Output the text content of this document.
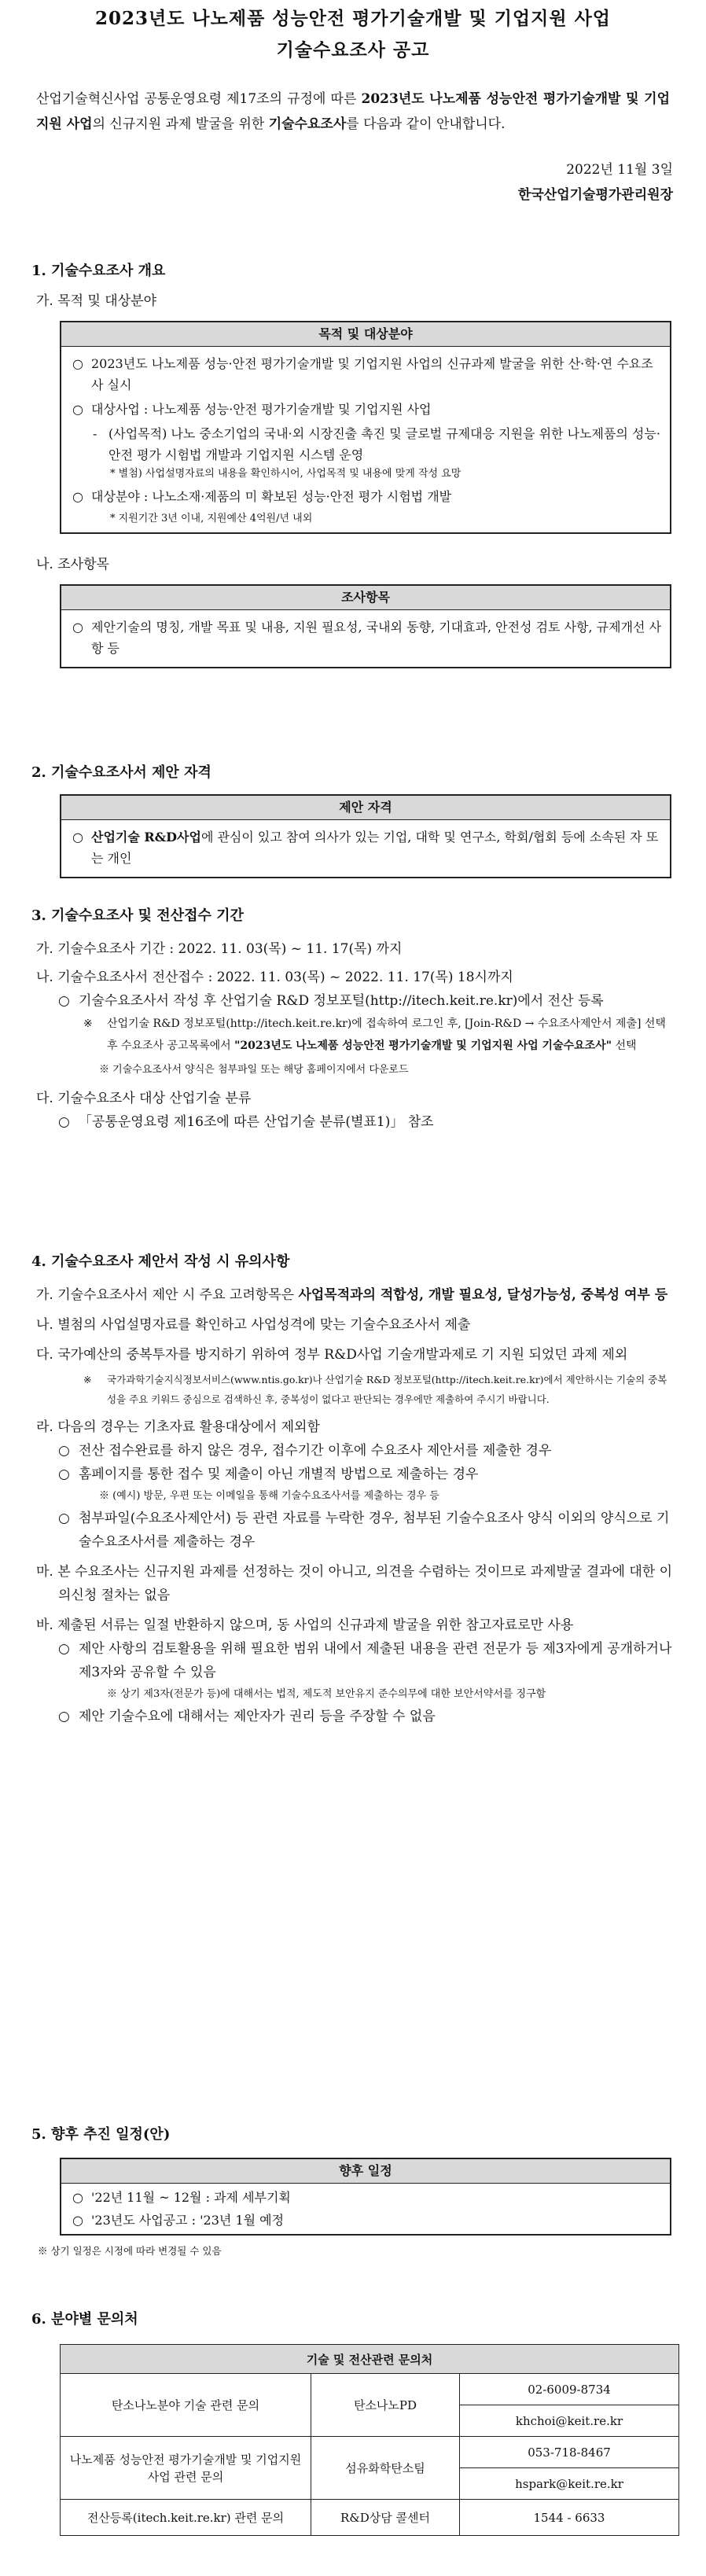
2023년도 나노제품 성능안전 평가기술개발 및 기업지원 사업
기술수요조사 공고
산업기술혁신사업 공통운영요령 제17조의 규정에 따른 2023년도 나노제품 성능안전 평가기술개발 및 기업지원 사업의 신규지원 과제 발굴을 위한 기술수요조사를 다음과 같이 안내합니다.
2022년 11월 3일
한국산업기술평가관리원장
1. 기술수요조사 개요
가. 목적 및 대상분야
목적 및 대상분야
○ 2023년도 나노제품 성능·안전 평가기술개발 및 기업지원 사업의 신규과제 발굴을 위한 산·학·연 수요조사 실시
○ 대상사업 : 나노제품 성능·안전 평가기술개발 및 기업지원 사업
- (사업목적) 나노 중소기업의 국내·외 시장진출 촉진 및 글로벌 규제대응 지원을 위한 나노제품의 성능·안전 평가 시험법 개발과 기업지원 시스템 운영
* 별첨) 사업설명자료의 내용을 확인하시어, 사업목적 및 내용에 맞게 작성 요망
○ 대상분야 : 나노소재·제품의 미 확보된 성능·안전 평가 시험법 개발
* 지원기간 3년 이내, 지원예산 4억원/년 내외
나. 조사항목
조사항목
○ 제안기술의 명칭, 개발 목표 및 내용, 지원 필요성, 국내외 동향, 기대효과, 안전성 검토 사항, 규제개선 사항 등
2. 기술수요조사서 제안 자격
제안 자격
○ 산업기술 R&D사업에 관심이 있고 참여 의사가 있는 기업, 대학 및 연구소, 학회/협회 등에 소속된 자 또는 개인
3. 기술수요조사 및 전산접수 기간
가. 기술수요조사 기간 : 2022. 11. 03(목) ~ 11. 17(목) 까지
나. 기술수요조사서 전산접수 : 2022. 11. 03(목) ~ 2022. 11. 17(목) 18시까지
○ 기술수요조사서 작성 후 산업기술 R&D 정보포털(http://itech.keit.re.kr)에서 전산 등록
※ 산업기술 R&D 정보포털(http://itech.keit.re.kr)에 접속하여 로그인 후, [Join-R&D → 수요조사제안서 제출] 선택 후 수요조사 공고목록에서 "2023년도 나노제품 성능안전 평가기술개발 및 기업지원 사업 기술수요조사" 선택
※ 기술수요조사서 양식은 첨부파일 또는 해당 홈페이지에서 다운로드
다. 기술수요조사 대상 산업기술 분류
○ 「공통운영요령 제16조에 따른 산업기술 분류(별표1)」 참조
4. 기술수요조사 제안서 작성 시 유의사항
가. 기술수요조사서 제안 시 주요 고려항목은 사업목적과의 적합성, 개발 필요성, 달성가능성, 중복성 여부 등
나. 별첨의 사업설명자료를 확인하고 사업성격에 맞는 기술수요조사서 제출
다. 국가예산의 중복투자를 방지하기 위하여 정부 R&D사업 기술개발과제로 기 지원 되었던 과제 제외
※ 국가과학기술지식정보서비스(www.ntis.go.kr)나 산업기술 R&D 정보포털(http://itech.keit.re.kr)에서 제안하시는 기술의 중복성을 주요 키워드 중심으로 검색하신 후, 중복성이 없다고 판단되는 경우에만 제출하여 주시기 바랍니다.
라. 다음의 경우는 기초자료 활용대상에서 제외함
○ 전산 접수완료를 하지 않은 경우, 접수기간 이후에 수요조사 제안서를 제출한 경우
○ 홈페이지를 통한 접수 및 제출이 아닌 개별적 방법으로 제출하는 경우
※ (예시) 방문, 우편 또는 이메일을 통해 기술수요조사서를 제출하는 경우 등
○ 첨부파일(수요조사제안서) 등 관련 자료를 누락한 경우, 첨부된 기술수요조사 양식 이외의 양식으로 기술수요조사서를 제출하는 경우
마. 본 수요조사는 신규지원 과제를 선정하는 것이 아니고, 의견을 수렴하는 것이므로 과제발굴 결과에 대한 이의신청 절차는 없음
바. 제출된 서류는 일절 반환하지 않으며, 동 사업의 신규과제 발굴을 위한 참고자료로만 사용
○ 제안 사항의 검토활용을 위해 필요한 범위 내에서 제출된 내용을 관련 전문가 등 제3자에게 공개하거나 제3자와 공유할 수 있음
※ 상기 제3자(전문가 등)에 대해서는 법적, 제도적 보안유지 준수의무에 대한 보안서약서를 징구함
○ 제안 기술수요에 대해서는 제안자가 권리 등을 주장할 수 없음
5. 향후 추진 일정(안)
향후 일정
○ '22년 11월 ~ 12월 : 과제 세부기획
○ '23년도 사업공고 : '23년 1월 예정
※ 상기 일정은 시정에 따라 변경될 수 있음
6. 분야별 문의처
기술 및 전산관련 문의처		
탄소나노분야 기술 관련 문의	탄소나노PD	02-6009-8734
		khchoi@keit.re.kr
나노제품 성능안전 평가기술개발 및 기업지원 사업 관련 문의	섬유화학탄소팀	053-718-8467
		hspark@keit.re.kr
전산등록(itech.keit.re.kr) 관련 문의	R&D상담 콜센터	1544 - 6633
